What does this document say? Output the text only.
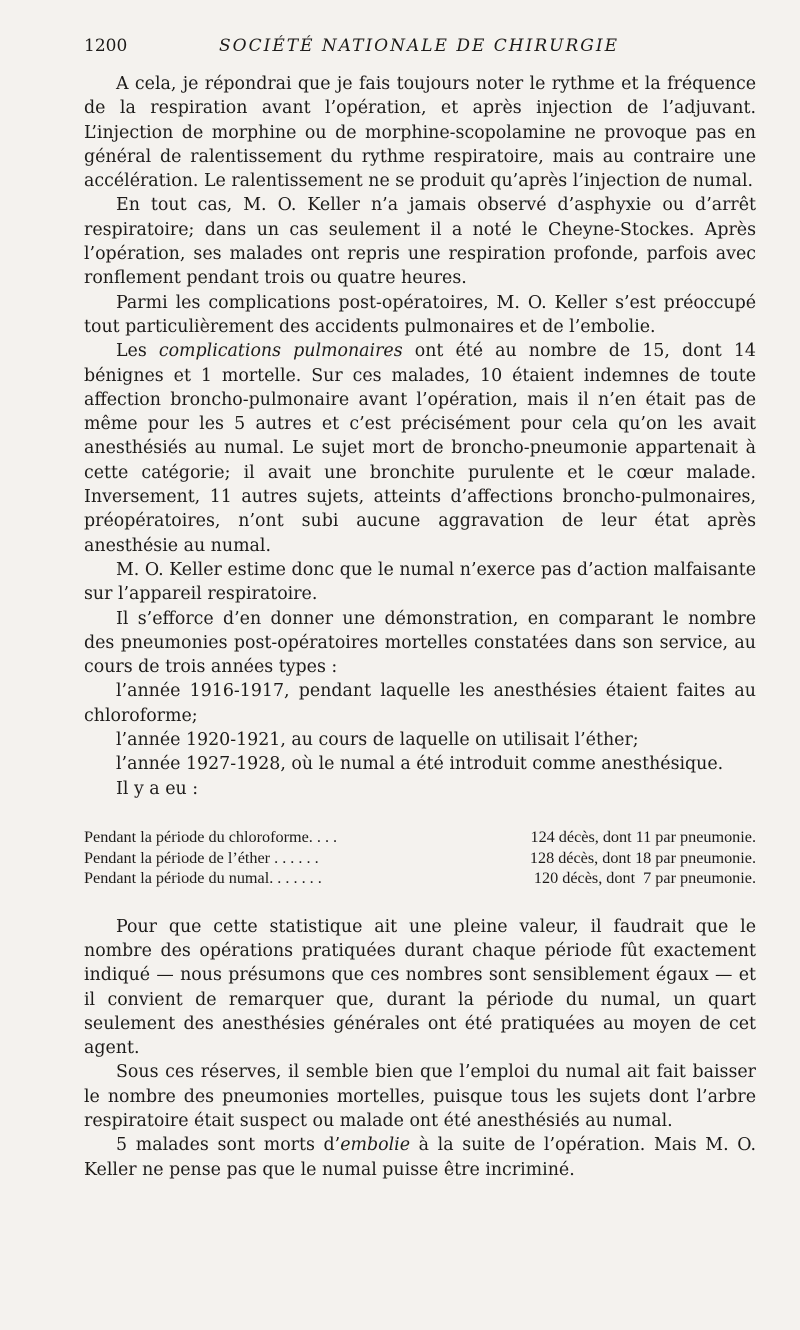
1200	SOCIÉTÉ NATIONALE DE CHIRURGIE

A cela, je répondrai que je fais toujours noter le rythme et la fréquence de la respiration avant l’opération, et après injection de l’adjuvant. L’injection de morphine ou de morphine-scopolamine ne provoque pas en général de ralentissement du rythme respiratoire, mais au contraire une accélération. Le ralentissement ne se produit qu’après l’injection de numal.

En tout cas, M. O. Keller n’a jamais observé d’asphyxie ou d’arrêt respiratoire; dans un cas seulement il a noté le Cheyne-Stockes. Après l’opération, ses malades ont repris une respiration profonde, parfois avec ronflement pendant trois ou quatre heures.

Parmi les complications post-opératoires, M. O. Keller s’est préoccupé tout particulièrement des accidents pulmonaires et de l’embolie.

Les complications pulmonaires ont été au nombre de 15, dont 14 bénignes et 1 mortelle. Sur ces malades, 10 étaient indemnes de toute affection broncho-pulmonaire avant l’opération, mais il n’en était pas de même pour les 5 autres et c’est précisément pour cela qu’on les avait anesthésiés au numal. Le sujet mort de broncho-pneumonie appartenait à cette catégorie; il avait une bronchite purulente et le cœur malade. Inversement, 11 autres sujets, atteints d’affections broncho-pulmonaires, préopératoires, n’ont subi aucune aggravation de leur état après anesthésie au numal.

M. O. Keller estime donc que le numal n’exerce pas d’action malfaisante sur l’appareil respiratoire.

Il s’efforce d’en donner une démonstration, en comparant le nombre des pneumonies post-opératoires mortelles constatées dans son service, au cours de trois années types :

l’année 1916-1917, pendant laquelle les anesthésies étaient faites au chloroforme;

l’année 1920-1921, au cours de laquelle on utilisait l’éther;

l’année 1927-1928, où le numal a été introduit comme anesthésique.

Il y a eu :

Pendant la période du chloroforme. . . .	124 décès, dont 11 par pneumonie.
Pendant la période de l’éther . . . . . .	128 décès, dont 18 par pneumonie.
Pendant la période du numal. . . . . . .	120 décès, dont  7 par pneumonie.

Pour que cette statistique ait une pleine valeur, il faudrait que le nombre des opérations pratiquées durant chaque période fût exactement indiqué — nous présumons que ces nombres sont sensiblement égaux — et il convient de remarquer que, durant la période du numal, un quart seulement des anesthésies générales ont été pratiquées au moyen de cet agent.

Sous ces réserves, il semble bien que l’emploi du numal ait fait baisser le nombre des pneumonies mortelles, puisque tous les sujets dont l’arbre respiratoire était suspect ou malade ont été anesthésiés au numal.

5 malades sont morts d’embolie à la suite de l’opération. Mais M. O. Keller ne pense pas que le numal puisse être incriminé.
